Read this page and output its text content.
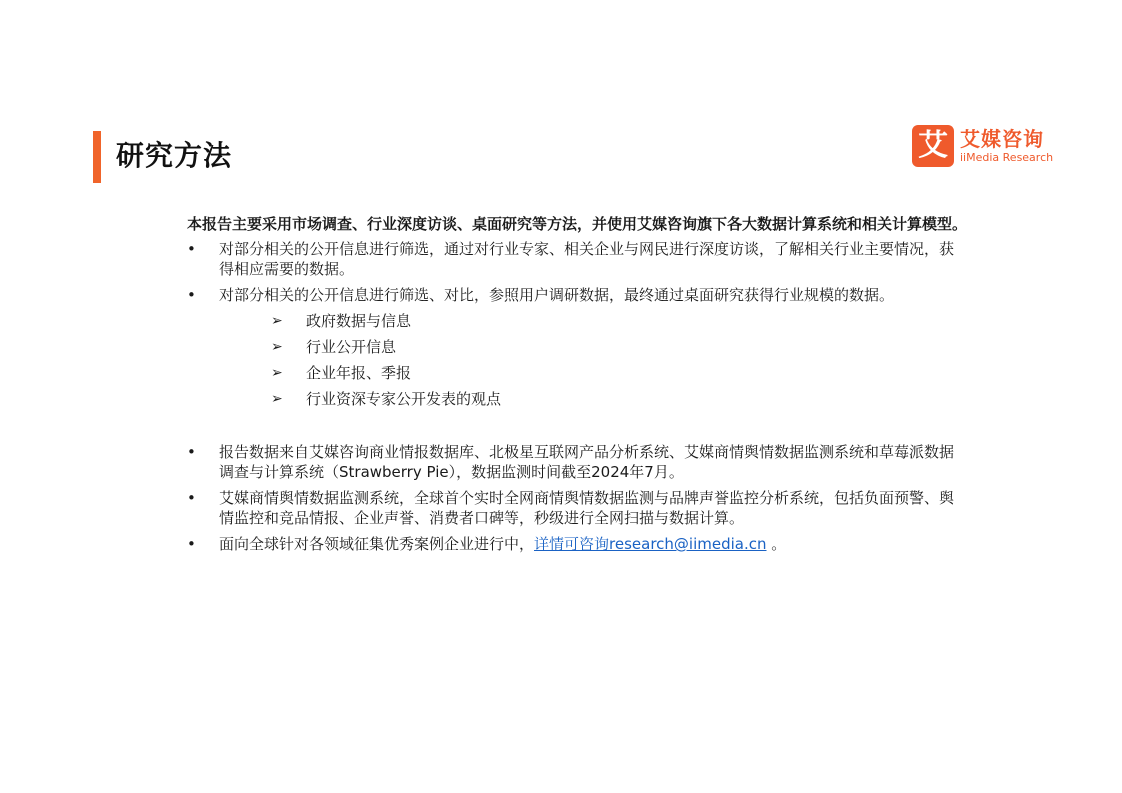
研究方法	艾 艾媒咨询
iiMedia Research

本报告主要采用市场调查、行业深度访谈、桌面研究等方法，并使用艾媒咨询旗下各大数据计算系统和相关计算模型。

• 对部分相关的公开信息进行筛选，通过对行业专家、相关企业与网民进行深度访谈，了解相关行业主要情况，获得相应需要的数据。
• 对部分相关的公开信息进行筛选、对比，参照用户调研数据，最终通过桌面研究获得行业规模的数据。
➢ 政府数据与信息
➢ 行业公开信息
➢ 企业年报、季报
➢ 行业资深专家公开发表的观点
• 报告数据来自艾媒咨询商业情报数据库、北极星互联网产品分析系统、艾媒商情舆情数据监测系统和草莓派数据调查与计算系统（Strawberry Pie），数据监测时间截至2024年7月。
• 艾媒商情舆情数据监测系统，全球首个实时全网商情舆情数据监测与品牌声誉监控分析系统，包括负面预警、舆情监控和竞品情报、企业声誉、消费者口碑等，秒级进行全网扫描与数据计算。
• 面向全球针对各领域征集优秀案例企业进行中，详情可咨询research@iimedia.cn 。
